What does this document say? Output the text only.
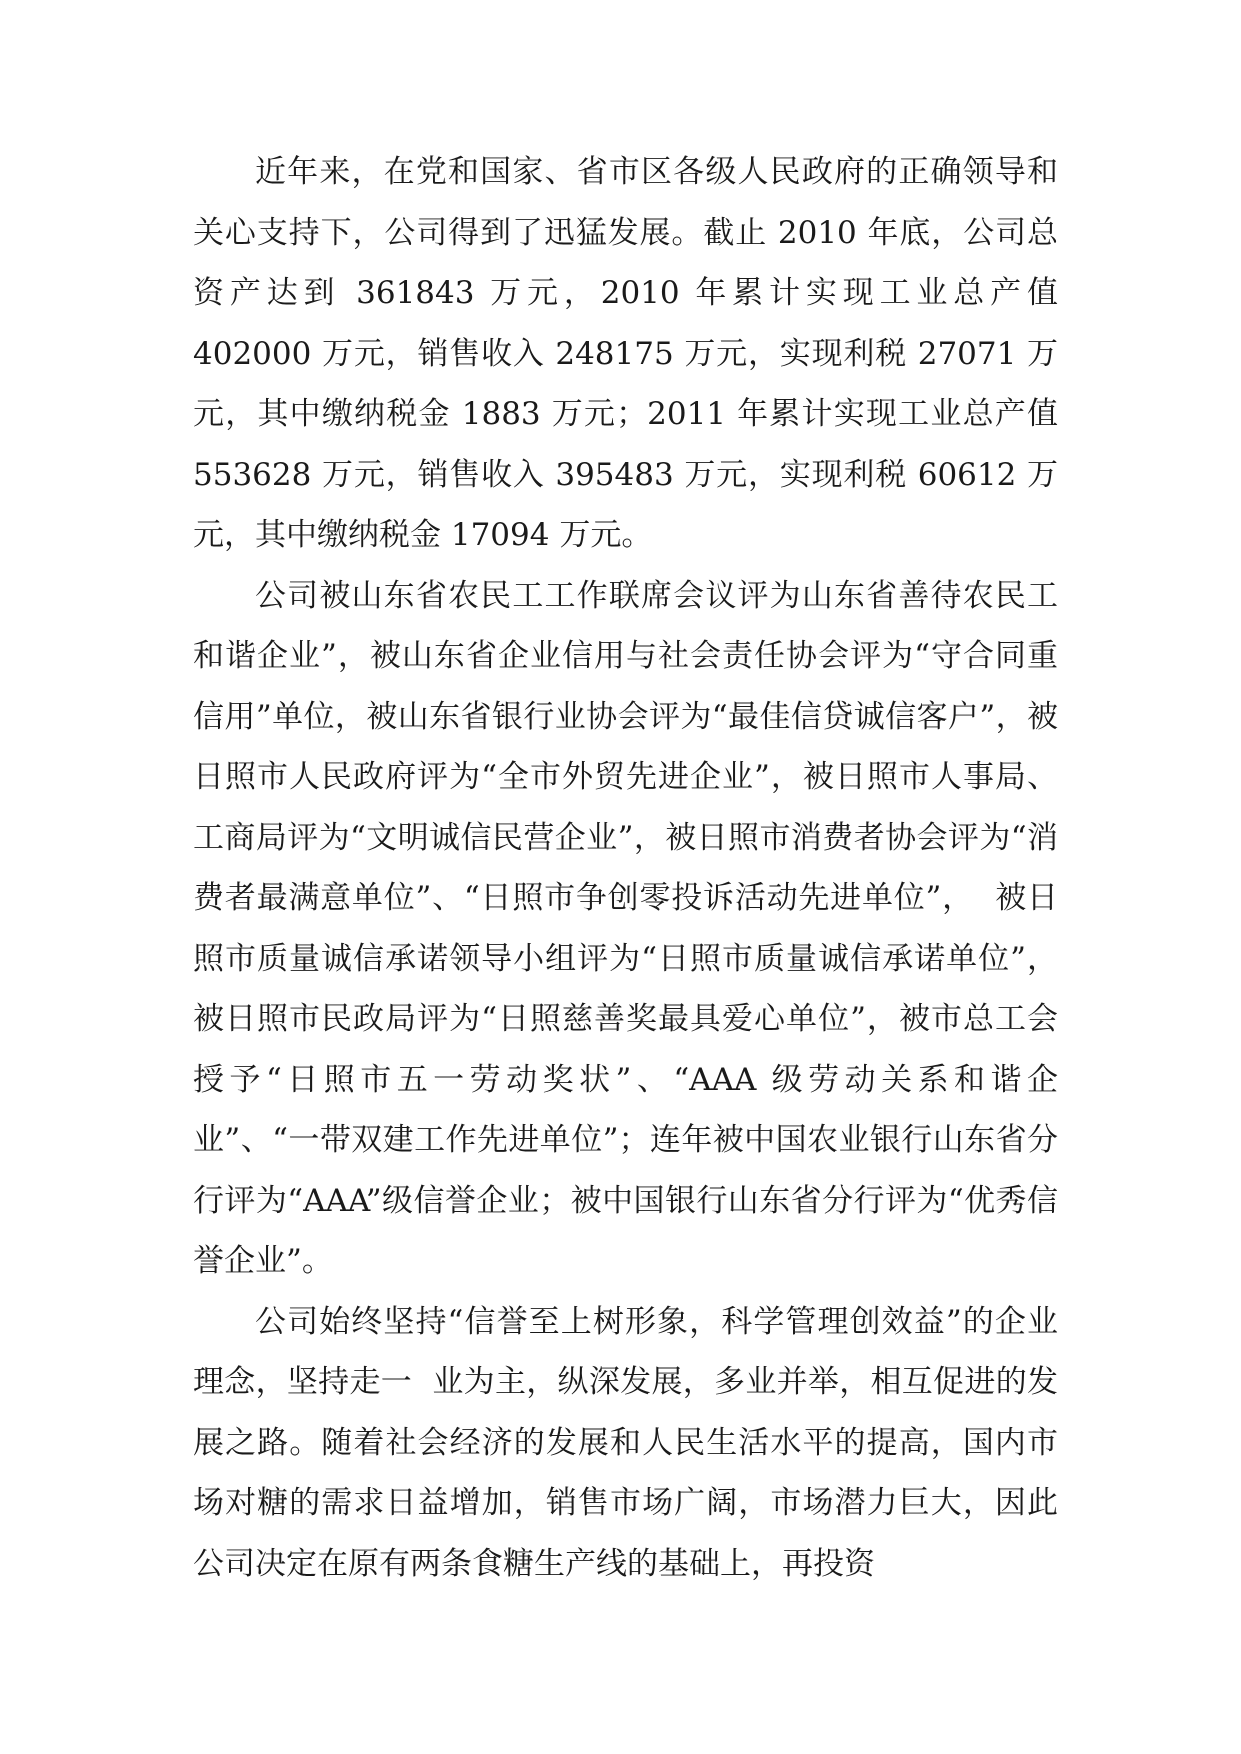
近年来，在党和国家、省市区各级人民政府的正确领导和关心支持下，公司得到了迅猛发展。截止 2010 年底，公司总资产达到 361843 万元，2010 年累计实现工业总产值 402000 万元，销售收入 248175 万元，实现利税 27071 万元，其中缴纳税金 1883 万元；2011 年累计实现工业总产值 553628 万元，销售收入 395483 万元，实现利税 60612 万元，其中缴纳税金 17094 万元。

公司被山东省农民工工作联席会议评为山东省善待农民工和谐企业”，被山东省企业信用与社会责任协会评为“守合同重信用”单位，被山东省银行业协会评为“最佳信贷诚信客户”，被日照市人民政府评为“全市外贸先进企业”，被日照市人事局、工商局评为“文明诚信民营企业”，被日照市消费者协会评为“消费者最满意单位”、“日照市争创零投诉活动先进单位”，  被日照市质量诚信承诺领导小组评为“日照市质量诚信承诺单位”，被日照市民政局评为“日照慈善奖最具爱心单位”，被市总工会授予“日照市五一劳动奖状”、“AAA 级劳动关系和谐企业”、“一带双建工作先进单位”；连年被中国农业银行山东省分行评为“AAA”级信誉企业；被中国银行山东省分行评为“优秀信誉企业”。

公司始终坚持“信誉至上树形象，科学管理创效益”的企业理念，坚持走一  业为主，纵深发展，多业并举，相互促进的发展之路。随着社会经济的发展和人民生活水平的提高，国内市场对糖的需求日益增加，销售市场广阔，市场潜力巨大，因此公司决定在原有两条食糖生产线的基础上，再投资
